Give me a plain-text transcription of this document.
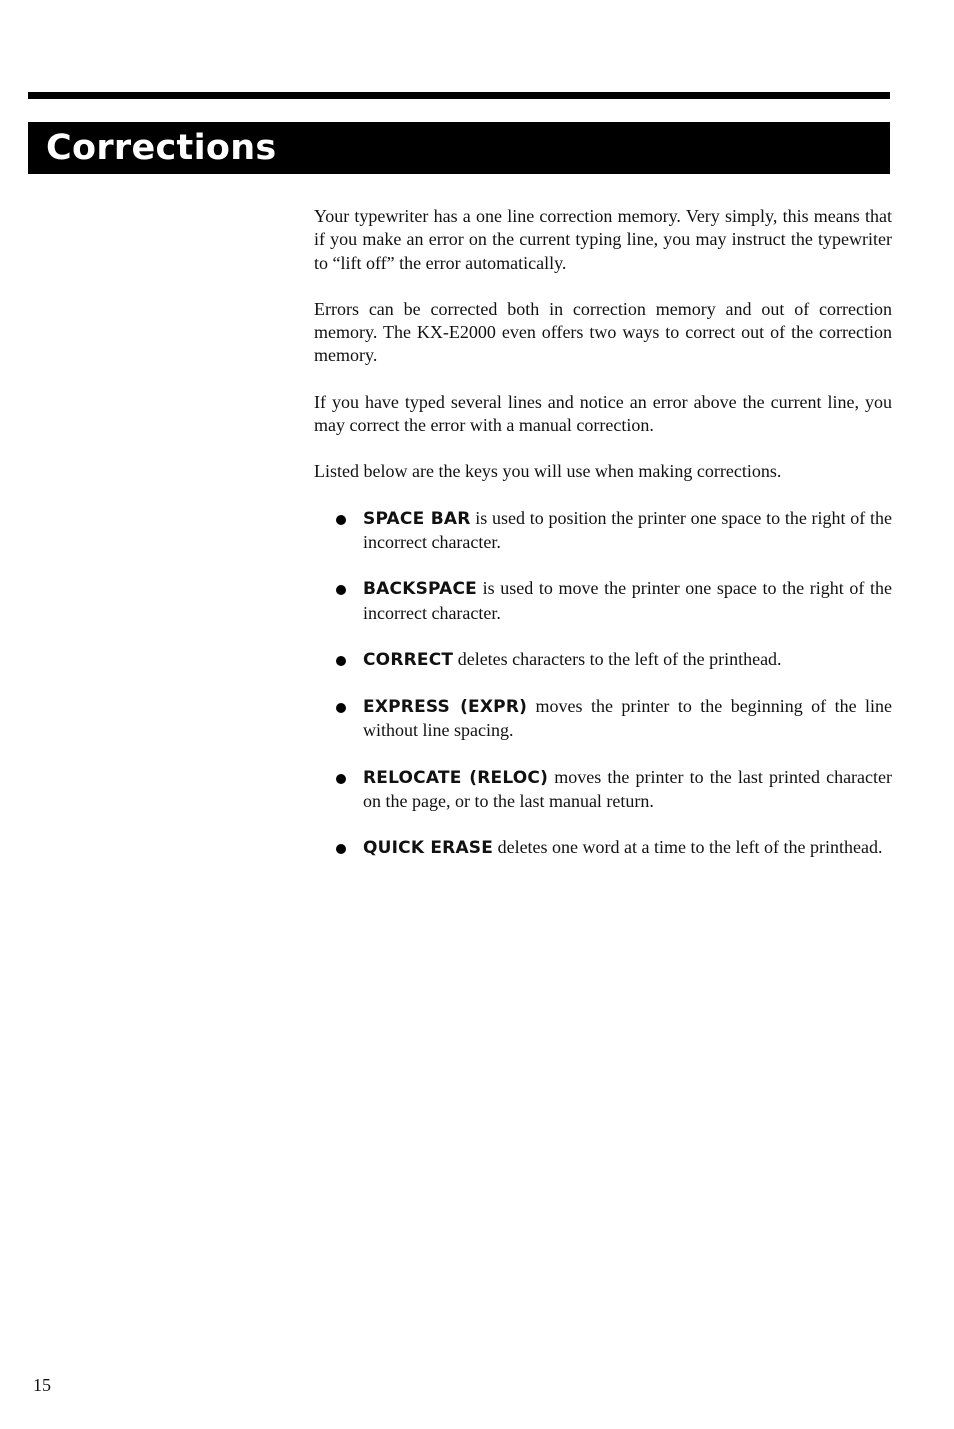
Corrections

Your typewriter has a one line correction memory. Very simply, this means that if you make an error on the current typing line, you may instruct the typewriter to “lift off” the error automatically.

Errors can be corrected both in correction memory and out of correction memory. The KX-E2000 even offers two ways to correct out of the correction memory.

If you have typed several lines and notice an error above the current line, you may correct the error with a manual correction.

Listed below are the keys you will use when making corrections.

SPACE BAR is used to position the printer one space to the right of the incorrect character.
BACKSPACE is used to move the printer one space to the right of the incorrect character.
CORRECT deletes characters to the left of the printhead.
EXPRESS (EXPR) moves the printer to the beginning of the line without line spacing.
RELOCATE (RELOC) moves the printer to the last printed character on the page, or to the last manual return.
QUICK ERASE deletes one word at a time to the left of the printhead.
15
